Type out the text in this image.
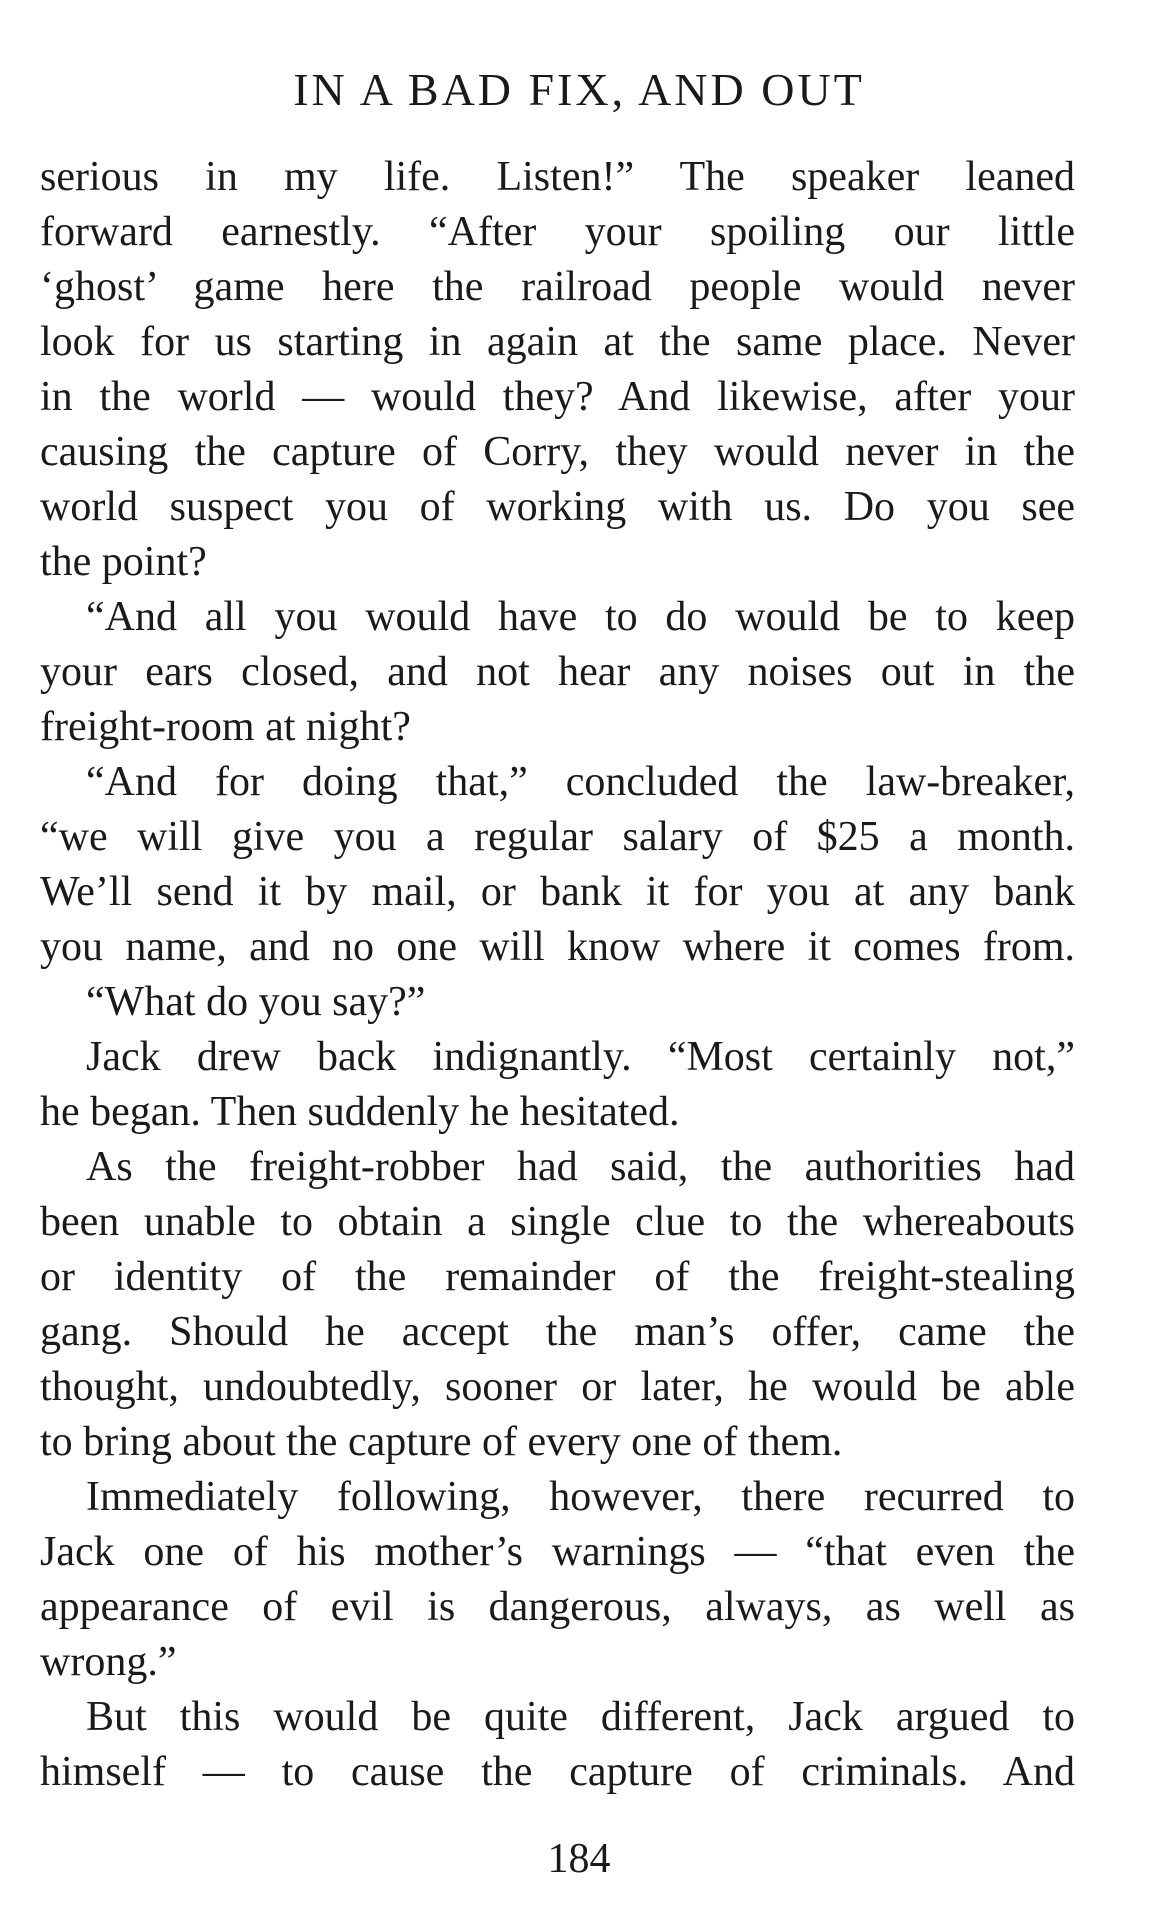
IN A BAD FIX, AND OUT
serious in my life. Listen!” The speaker leaned
forward earnestly. “After your spoiling our little
‘ghost’ game here the railroad people would never
look for us starting in again at the same place. Never
in the world — would they? And likewise, after your
causing the capture of Corry, they would never in the
world suspect you of working with us. Do you see
the point?
“And all you would have to do would be to keep
your ears closed, and not hear any noises out in the
freight-room at night?
“And for doing that,” concluded the law-breaker,
“we will give you a regular salary of $25 a month.
We’ll send it by mail, or bank it for you at any bank
you name, and no one will know where it comes from.
“What do you say?”
Jack drew back indignantly. “Most certainly not,”
he began. Then suddenly he hesitated.
As the freight-robber had said, the authorities had
been unable to obtain a single clue to the whereabouts
or identity of the remainder of the freight-stealing
gang. Should he accept the man’s offer, came the
thought, undoubtedly, sooner or later, he would be able
to bring about the capture of every one of them.
Immediately following, however, there recurred to
Jack one of his mother’s warnings — “that even the
appearance of evil is dangerous, always, as well as
wrong.”
But this would be quite different, Jack argued to
himself — to cause the capture of criminals. And
184
